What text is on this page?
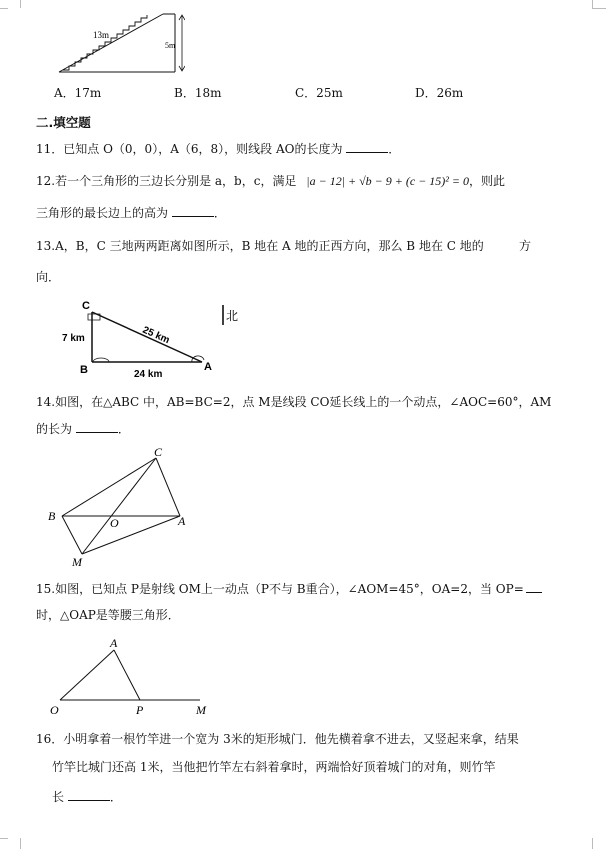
13m
5m
A．17m	B．18m	C．25m	D．26m
二.填空题
11．已知点 O（0，0），A（6，8），则线段 AO的长度为	．
12.若一个三角形的三边长分别是 a，b，c，满足 |a − 12| + √b − 9 + (c − 15)² = 0，则此
三角形的最长边上的高为	．
13.A，B，C 三地两两距离如图所示，B 地在 A 地的正西方向，那么 B 地在 C 地的	方
向．
C
B	A
7 km	25 km
24 km
北
14.如图，在△ABC 中，AB=BC=2，点 M是线段 CO延长线上的一个动点，∠AOC=60°，AM
的长为	．
C
B	O	A
M
15.如图，已知点 P是射线 OM上一动点（P不与 B重合），∠AOM=45°，OA=2，当 OP=
时，△OAP是等腰三角形．
A
O	P	M
16．小明拿着一根竹竿进一个宽为 3米的矩形城门．他先横着拿不进去，又竖起来拿，结果
竹竿比城门还高 1米，当他把竹竿左右斜着拿时，两端恰好顶着城门的对角，则竹竿
长	．
